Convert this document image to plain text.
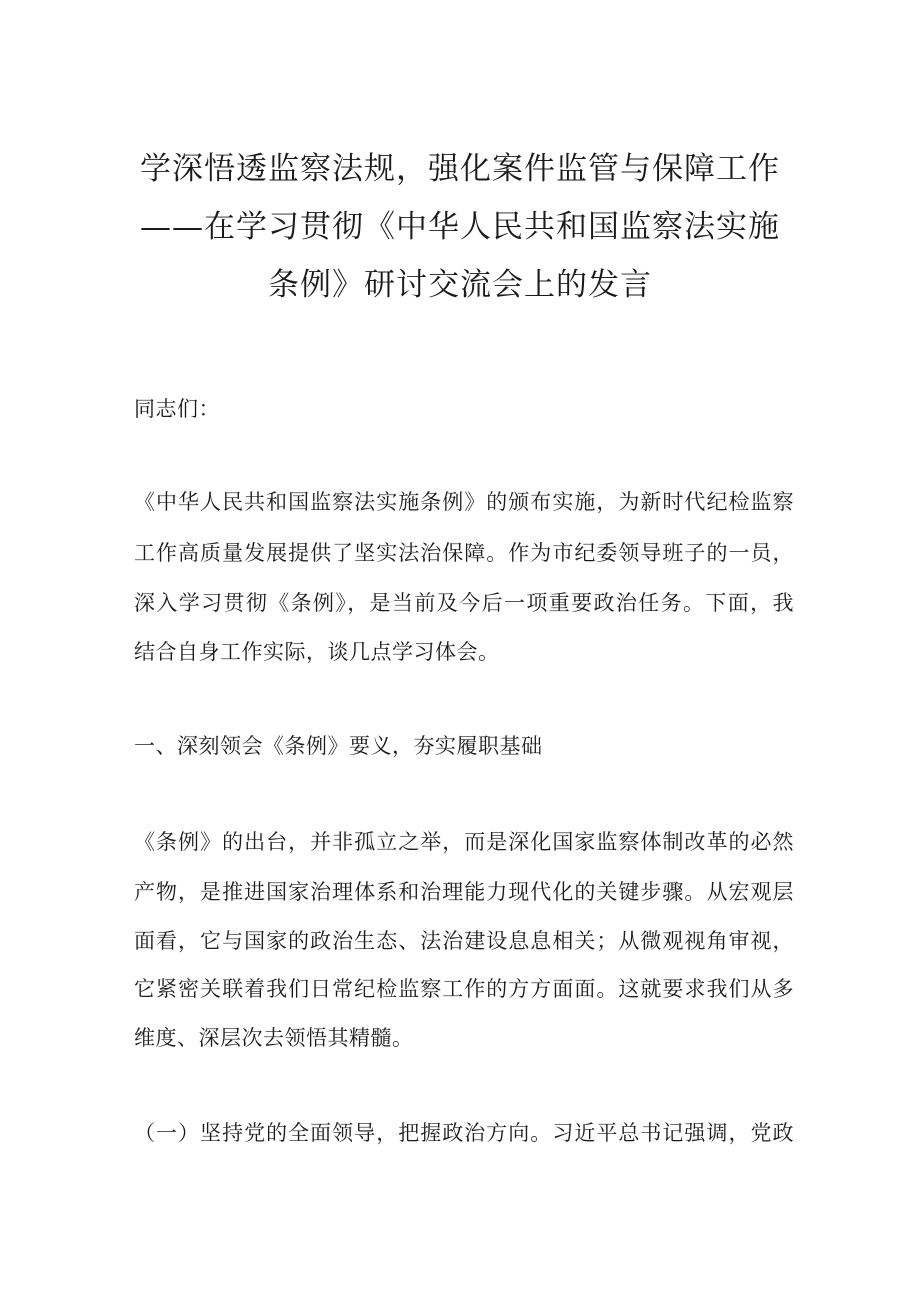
学深悟透监察法规，强化案件监管与保障工作——在学习贯彻《中华人民共和国监察法实施条例》研讨交流会上的发言

同志们：

《中华人民共和国监察法实施条例》的颁布实施，为新时代纪检监察

工作高质量发展提供了坚实法治保障。作为市纪委领导班子的一员，

深入学习贯彻《条例》，是当前及今后一项重要政治任务。下面，我

结合自身工作实际，谈几点学习体会。

一、深刻领会《条例》要义，夯实履职基础

《条例》的出台，并非孤立之举，而是深化国家监察体制改革的必然

产物，是推进国家治理体系和治理能力现代化的关键步骤。从宏观层

面看，它与国家的政治生态、法治建设息息相关；从微观视角审视，

它紧密关联着我们日常纪检监察工作的方方面面。这就要求我们从多

维度、深层次去领悟其精髓。

（一）坚持党的全面领导，把握政治方向。习近平总书记强调，党政
